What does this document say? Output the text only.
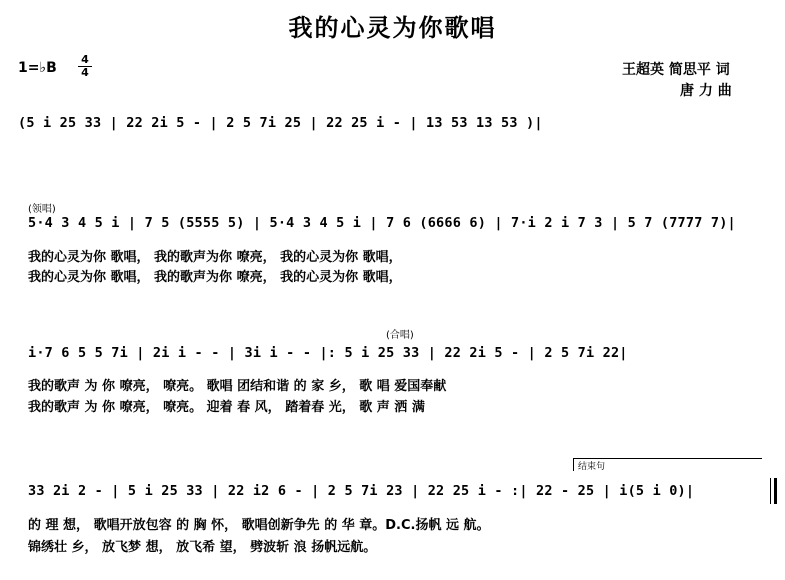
我的心灵为你歌唱
1=♭B
4
4	王超英 简思平 词
唐 力 曲
(5 i 25 33 | 22 2i 5 - | 2 5 7i 25 | 22 25 i - | 13 53 13 53 )|
(领唱)
5·4 3 4 5 i | 7 5 (5555 5) | 5·4 3 4 5 i | 7 6 (6666 6) | 7·i 2 i 7 3 | 5 7 (7777 7)|
我的心灵为你 歌唱， 我的歌声为你 嘹亮， 我的心灵为你 歌唱，
我的心灵为你 歌唱， 我的歌声为你 嘹亮， 我的心灵为你 歌唱，
(合唱)
i·7 6 5 5 7i | 2i i - - | 3i i - - |: 5 i 25 33 | 22 2i 5 - | 2 5 7i 22|
我的歌声 为 你 嘹亮， 嘹亮。 歌唱 团结和谐 的 家 乡， 歌 唱 爱国奉献
我的歌声 为 你 嘹亮， 嘹亮。 迎着 春 风， 踏着春 光， 歌 声 洒 满
结束句
33 2i 2 - | 5 i 25 33 | 22 i2 6 - | 2 5 7i 23 | 22 25 i - :| 22 - 25 | i(5 i 0)|
的 理 想， 歌唱开放包容 的 胸 怀， 歌唱创新争先 的 华 章。D.C.扬帆 远 航。
锦绣壮 乡， 放飞梦 想， 放飞希 望， 劈波斩 浪 扬帆远航。
